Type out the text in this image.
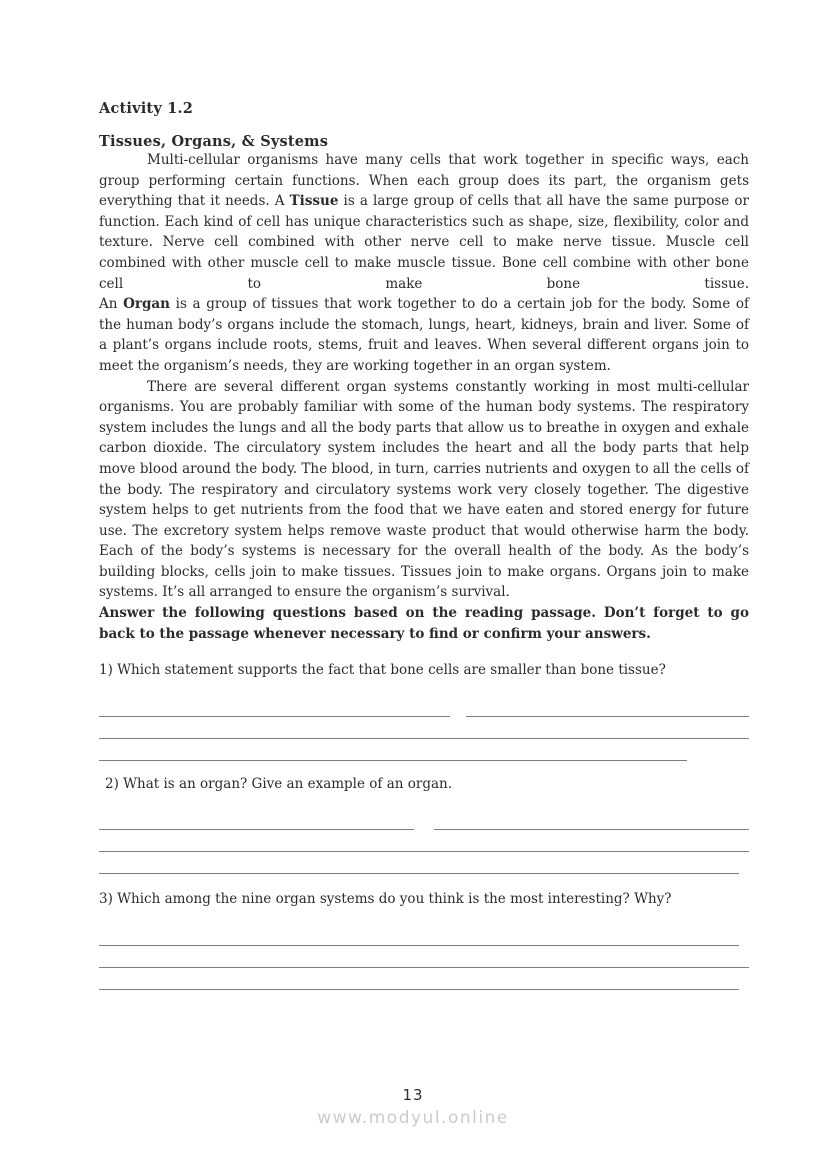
Activity 1.2
Tissues, Organs, & Systems

Multi-cellular organisms have many cells that work together in specific ways, each group performing certain functions. When each group does its part, the organism gets everything that it needs. A Tissue is a large group of cells that all have the same purpose or function. Each kind of cell has unique characteristics such as shape, size, flexibility, color and texture. Nerve cell combined with other nerve cell to make nerve tissue. Muscle cell combined with other muscle cell to make muscle tissue. Bone cell combine with other bone cell to make bone tissue.

An Organ is a group of tissues that work together to do a certain job for the body. Some of the human body’s organs include the stomach, lungs, heart, kidneys, brain and liver. Some of a plant’s organs include roots, stems, fruit and leaves. When several different organs join to meet the organism’s needs, they are working together in an organ system.

There are several different organ systems constantly working in most multi-cellular organisms. You are probably familiar with some of the human body systems. The respiratory system includes the lungs and all the body parts that allow us to breathe in oxygen and exhale carbon dioxide. The circulatory system includes the heart and all the body parts that help move blood around the body. The blood, in turn, carries nutrients and oxygen to all the cells of the body. The respiratory and circulatory systems work very closely together. The digestive system helps to get nutrients from the food that we have eaten and stored energy for future use. The excretory system helps remove waste product that would otherwise harm the body. Each of the body’s systems is necessary for the overall health of the body. As the body’s building blocks, cells join to make tissues. Tissues join to make organs. Organs join to make systems. It’s all arranged to ensure the organism’s survival.

Answer the following questions based on the reading passage. Don’t forget to go back to the passage whenever necessary to find or confirm your answers.

1) Which statement supports the fact that bone cells are smaller than bone tissue?

2) What is an organ? Give an example of an organ.

3) Which among the nine organ systems do you think is the most interesting? Why?

13
www.modyul.online
